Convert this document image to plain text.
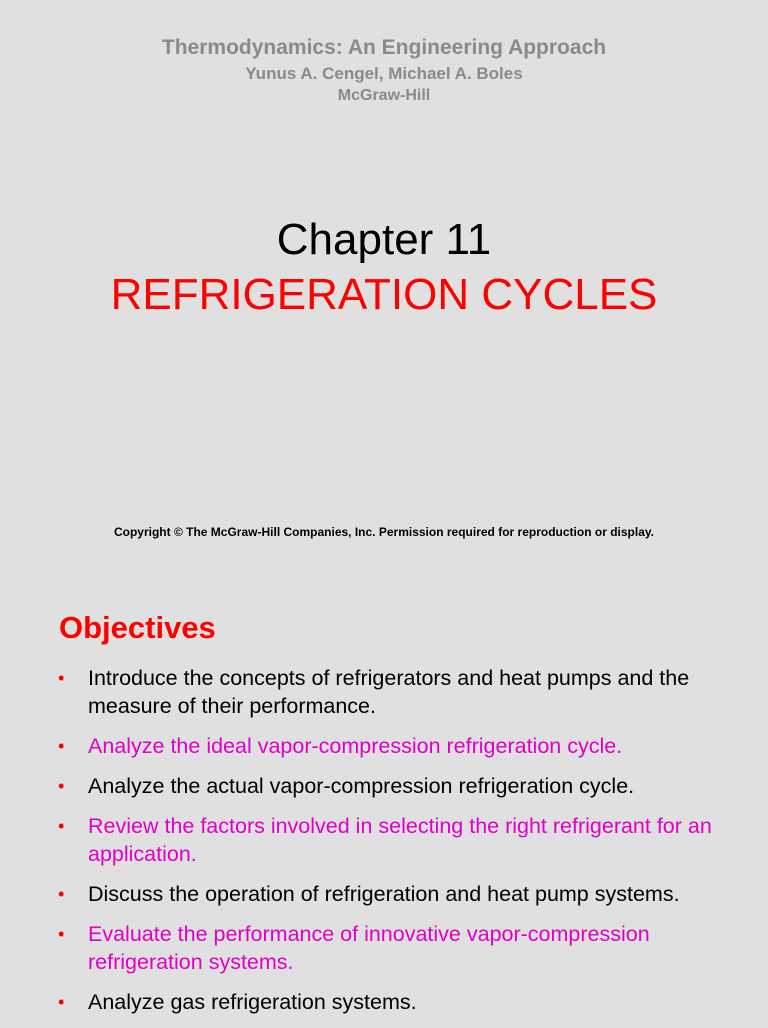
Thermodynamics: An Engineering Approach
Yunus A. Cengel, Michael A. Boles
McGraw-Hill
Chapter 11
REFRIGERATION CYCLES
Copyright © The McGraw-Hill Companies, Inc. Permission required for reproduction or display.
Objectives
• Introduce the concepts of refrigerators and heat pumps and the measure of their performance.
• Analyze the ideal vapor-compression refrigeration cycle.
• Analyze the actual vapor-compression refrigeration cycle.
• Review the factors involved in selecting the right refrigerant for an application.
• Discuss the operation of refrigeration and heat pump systems.
• Evaluate the performance of innovative vapor-compression refrigeration systems.
• Analyze gas refrigeration systems.
